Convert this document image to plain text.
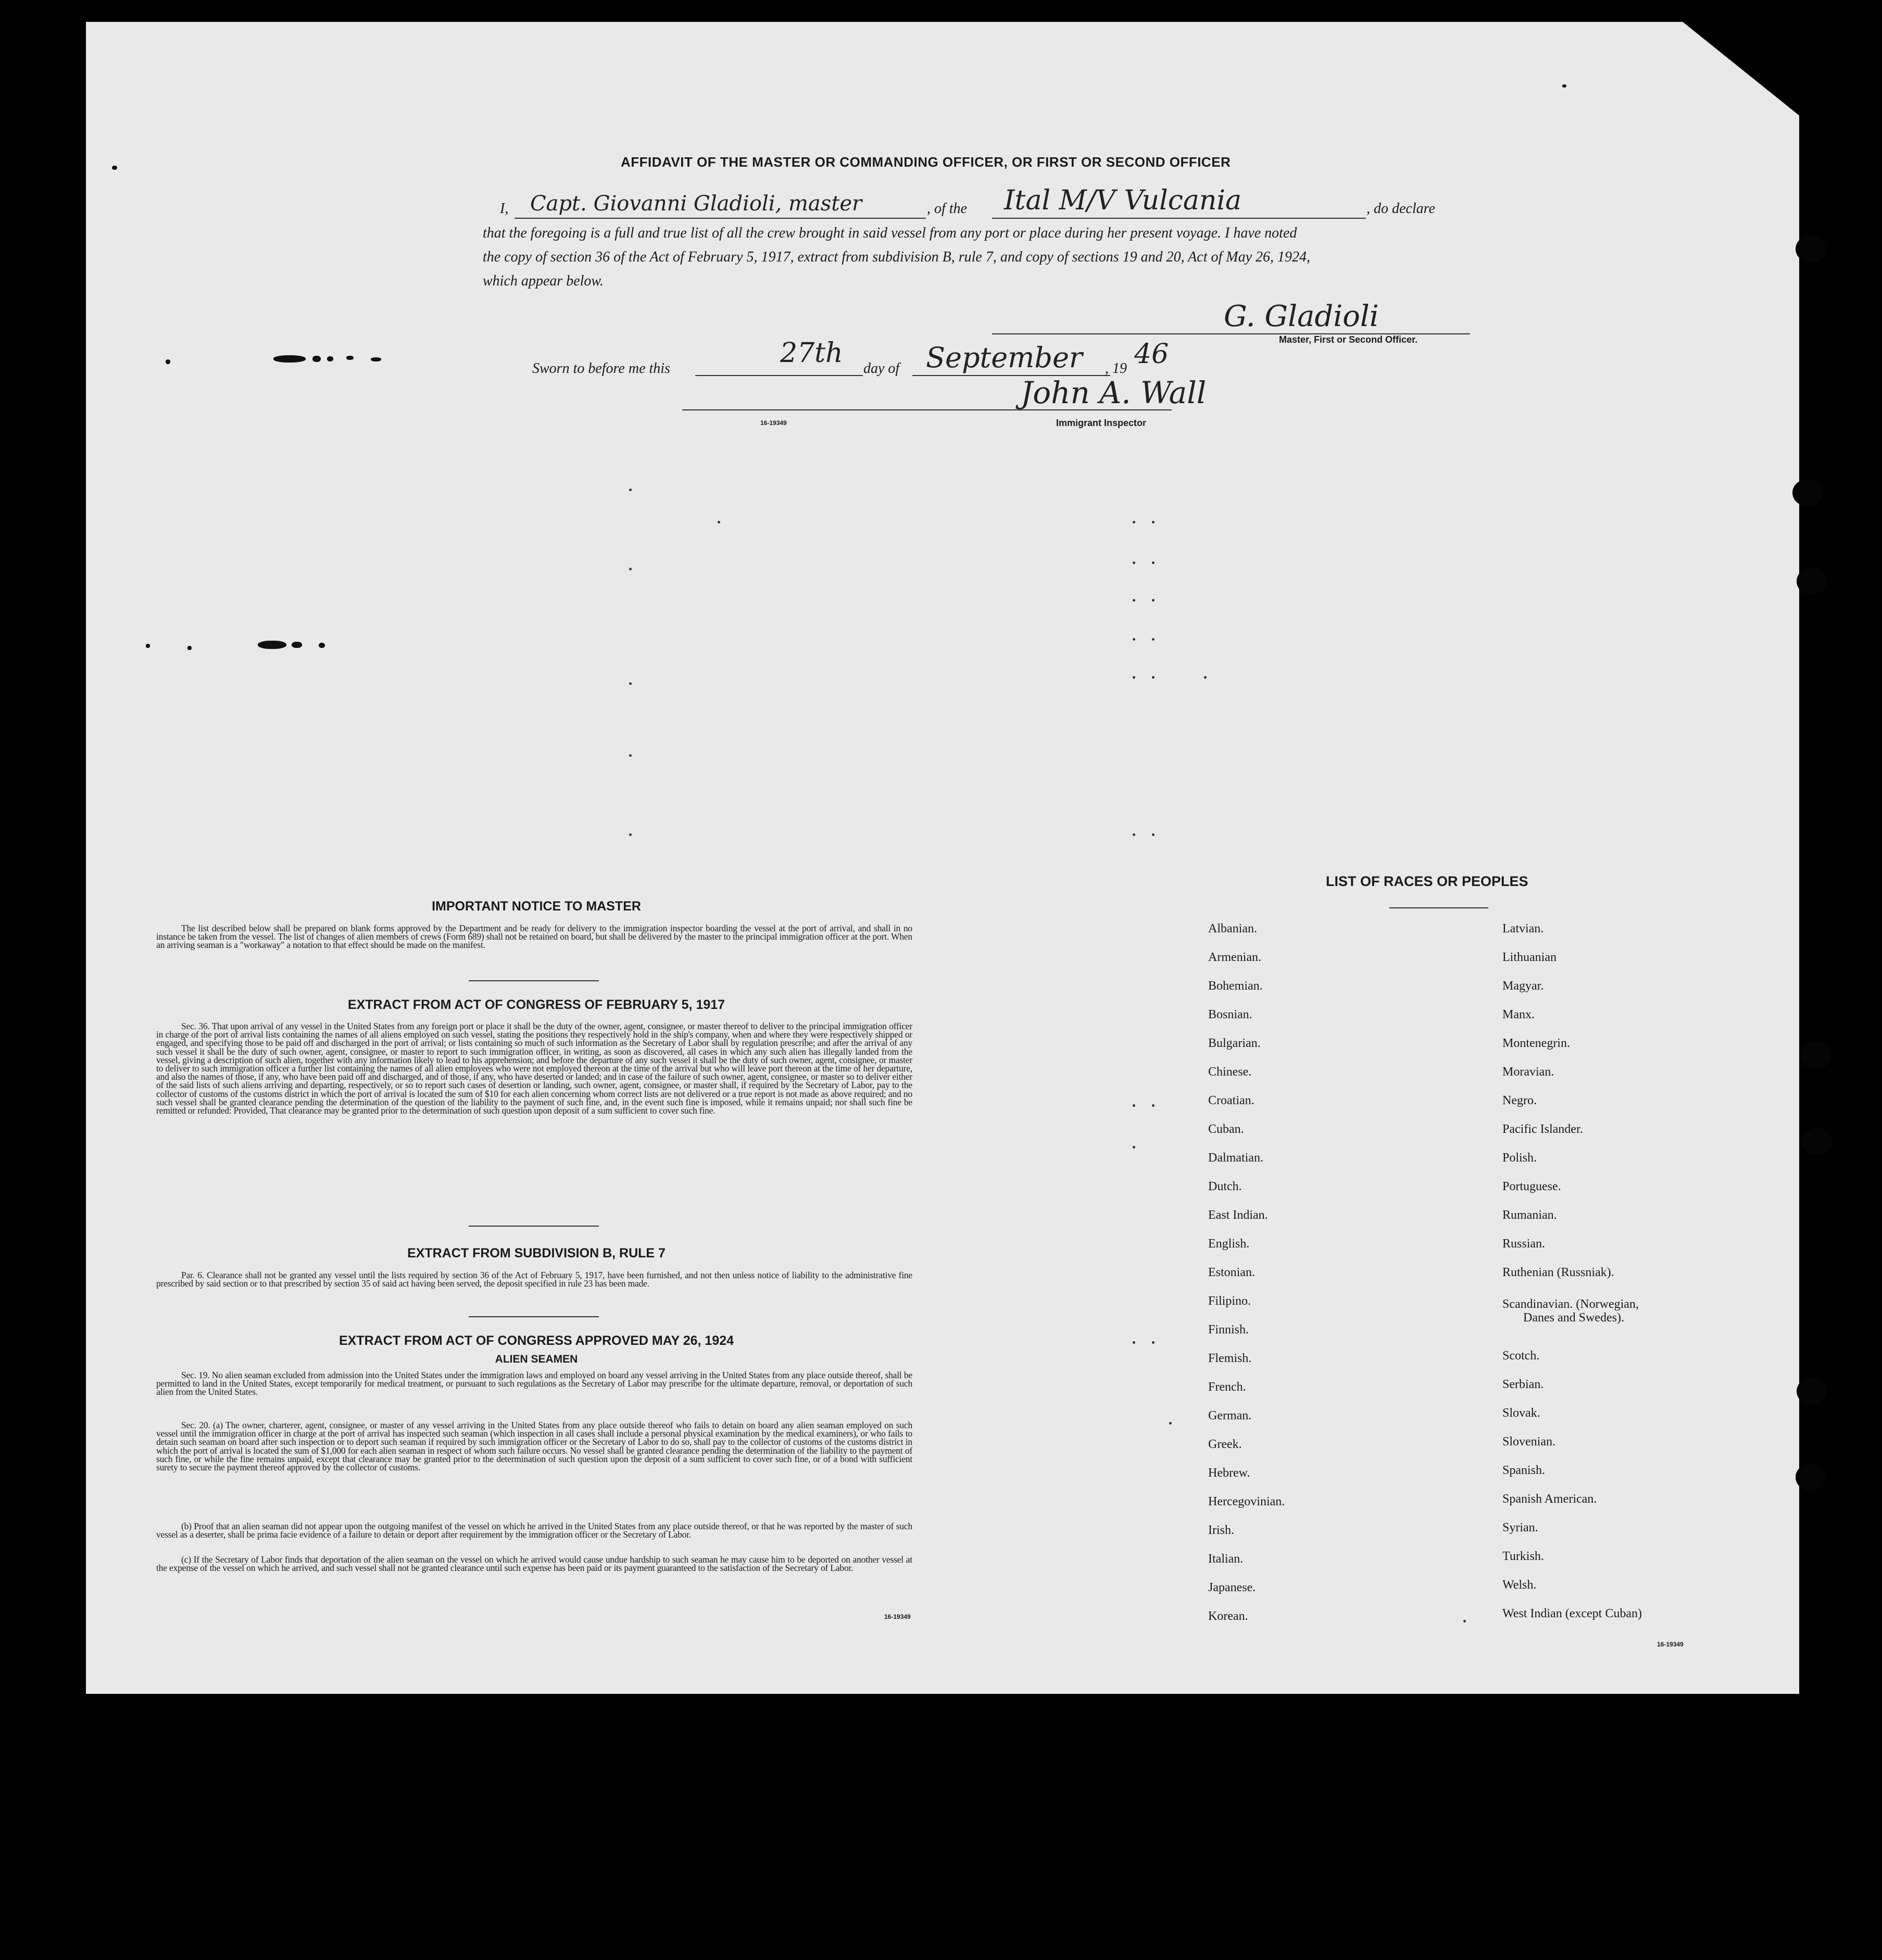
AFFIDAVIT OF THE MASTER OR COMMANDING OFFICER, OR FIRST OR SECOND OFFICER
I, Capt. Giovanni Gladioli, master	, of the Ital M/V Vulcania	, do declare
that the foregoing is a full and true list of all the crew brought in said vessel from any port or place during her present voyage. I have noted
the copy of section 36 of the Act of February 5, 1917, extract from subdivision B, rule 7, and copy of sections 19 and 20, Act of May 26, 1924,
which appear below.
G. Gladioli
Master, First or Second Officer.
Sworn to before me this	27th day of September , 19 46
John A. Wall
Immigrant Inspector
16-19349
IMPORTANT NOTICE TO MASTER
The list described below shall be prepared on blank forms approved by the Department and be ready for delivery to the immigration inspector boarding the vessel at the port of arrival, and shall in no instance be taken from the vessel. The list of changes of alien members of crews (Form 689) shall not be retained on board, but shall be delivered by the master to the principal immigration officer at the port. When an arriving seaman is a "workaway" a notation to that effect should be made on the manifest.
EXTRACT FROM ACT OF CONGRESS OF FEBRUARY 5, 1917
Sec. 36. That upon arrival of any vessel in the United States from any foreign port or place it shall be the duty of the owner, agent, consignee, or master thereof to deliver to the principal immigration officer in charge of the port of arrival lists containing the names of all aliens employed on such vessel, stating the positions they respectively hold in the ship's company, when and where they were respectively shipped or engaged, and specifying those to be paid off and discharged in the port of arrival; or lists containing so much of such information as the Secretary of Labor shall by regulation prescribe; and after the arrival of any such vessel it shall be the duty of such owner, agent, consignee, or master to report to such immigration officer, in writing, as soon as discovered, all cases in which any such alien has illegally landed from the vessel, giving a description of such alien, together with any information likely to lead to his apprehension; and before the departure of any such vessel it shall be the duty of such owner, agent, consignee, or master to deliver to such immigration officer a further list containing the names of all alien employees who were not employed thereon at the time of the arrival but who will leave port thereon at the time of her departure, and also the names of those, if any, who have been paid off and discharged, and of those, if any, who have deserted or landed; and in case of the failure of such owner, agent, consignee, or master so to deliver either of the said lists of such aliens arriving and departing, respectively, or so to report such cases of desertion or landing, such owner, agent, consignee, or master shall, if required by the Secretary of Labor, pay to the collector of customs of the customs district in which the port of arrival is located the sum of $10 for each alien concerning whom correct lists are not delivered or a true report is not made as above required; and no such vessel shall be granted clearance pending the determination of the question of the liability to the payment of such fine, and, in the event such fine is imposed, while it remains unpaid; nor shall such fine be remitted or refunded: Provided, That clearance may be granted prior to the determination of such question upon deposit of a sum sufficient to cover such fine.
EXTRACT FROM SUBDIVISION B, RULE 7
Par. 6. Clearance shall not be granted any vessel until the lists required by section 36 of the Act of February 5, 1917, have been furnished, and not then unless notice of liability to the administrative fine prescribed by said section or to that prescribed by section 35 of said act having been served, the deposit specified in rule 23 has been made.
EXTRACT FROM ACT OF CONGRESS APPROVED MAY 26, 1924
ALIEN SEAMEN
Sec. 19. No alien seaman excluded from admission into the United States under the immigration laws and employed on board any vessel arriving in the United States from any place outside thereof, shall be permitted to land in the United States, except temporarily for medical treatment, or pursuant to such regulations as the Secretary of Labor may prescribe for the ultimate departure, removal, or deportation of such alien from the United States.
Sec. 20. (a) The owner, charterer, agent, consignee, or master of any vessel arriving in the United States from any place outside thereof who fails to detain on board any alien seaman employed on such vessel until the immigration officer in charge at the port of arrival has inspected such seaman (which inspection in all cases shall include a personal physical examination by the medical examiners), or who fails to detain such seaman on board after such inspection or to deport such seaman if required by such immigration officer or the Secretary of Labor to do so, shall pay to the collector of customs of the customs district in which the port of arrival is located the sum of $1,000 for each alien seaman in respect of whom such failure occurs. No vessel shall be granted clearance pending the determination of the liability to the payment of such fine, or while the fine remains unpaid, except that clearance may be granted prior to the determination of such question upon the deposit of a sum sufficient to cover such fine, or of a bond with sufficient surety to secure the payment thereof approved by the collector of customs.
(b) Proof that an alien seaman did not appear upon the outgoing manifest of the vessel on which he arrived in the United States from any place outside thereof, or that he was reported by the master of such vessel as a deserter, shall be prima facie evidence of a failure to detain or deport after requirement by the immigration officer or the Secretary of Labor.
(c) If the Secretary of Labor finds that deportation of the alien seaman on the vessel on which he arrived would cause undue hardship to such seaman he may cause him to be deported on another vessel at the expense of the vessel on which he arrived, and such vessel shall not be granted clearance until such expense has been paid or its payment guaranteed to the satisfaction of the Secretary of Labor.
16-19349
LIST OF RACES OR PEOPLES
Albanian.
Armenian.
Bohemian.
Bosnian.
Bulgarian.
Chinese.
Croatian.
Cuban.
Dalmatian.
Dutch.
East Indian.
English.
Estonian.
Filipino.
Finnish.
Flemish.
French.
German.
Greek.
Hebrew.
Hercegovinian.
Irish.
Italian.
Japanese.
Korean.
Latvian.
Lithuanian
Magyar.
Manx.
Montenegrin.
Moravian.
Negro.
Pacific Islander.
Polish.
Portuguese.
Rumanian.
Russian.
Ruthenian (Russniak).
Scandinavian. (Norwegian,
Danes and Swedes).
Scotch.
Serbian.
Slovak.
Slovenian.
Spanish.
Spanish American.
Syrian.
Turkish.
Welsh.
West Indian (except Cuban)
16-19349
